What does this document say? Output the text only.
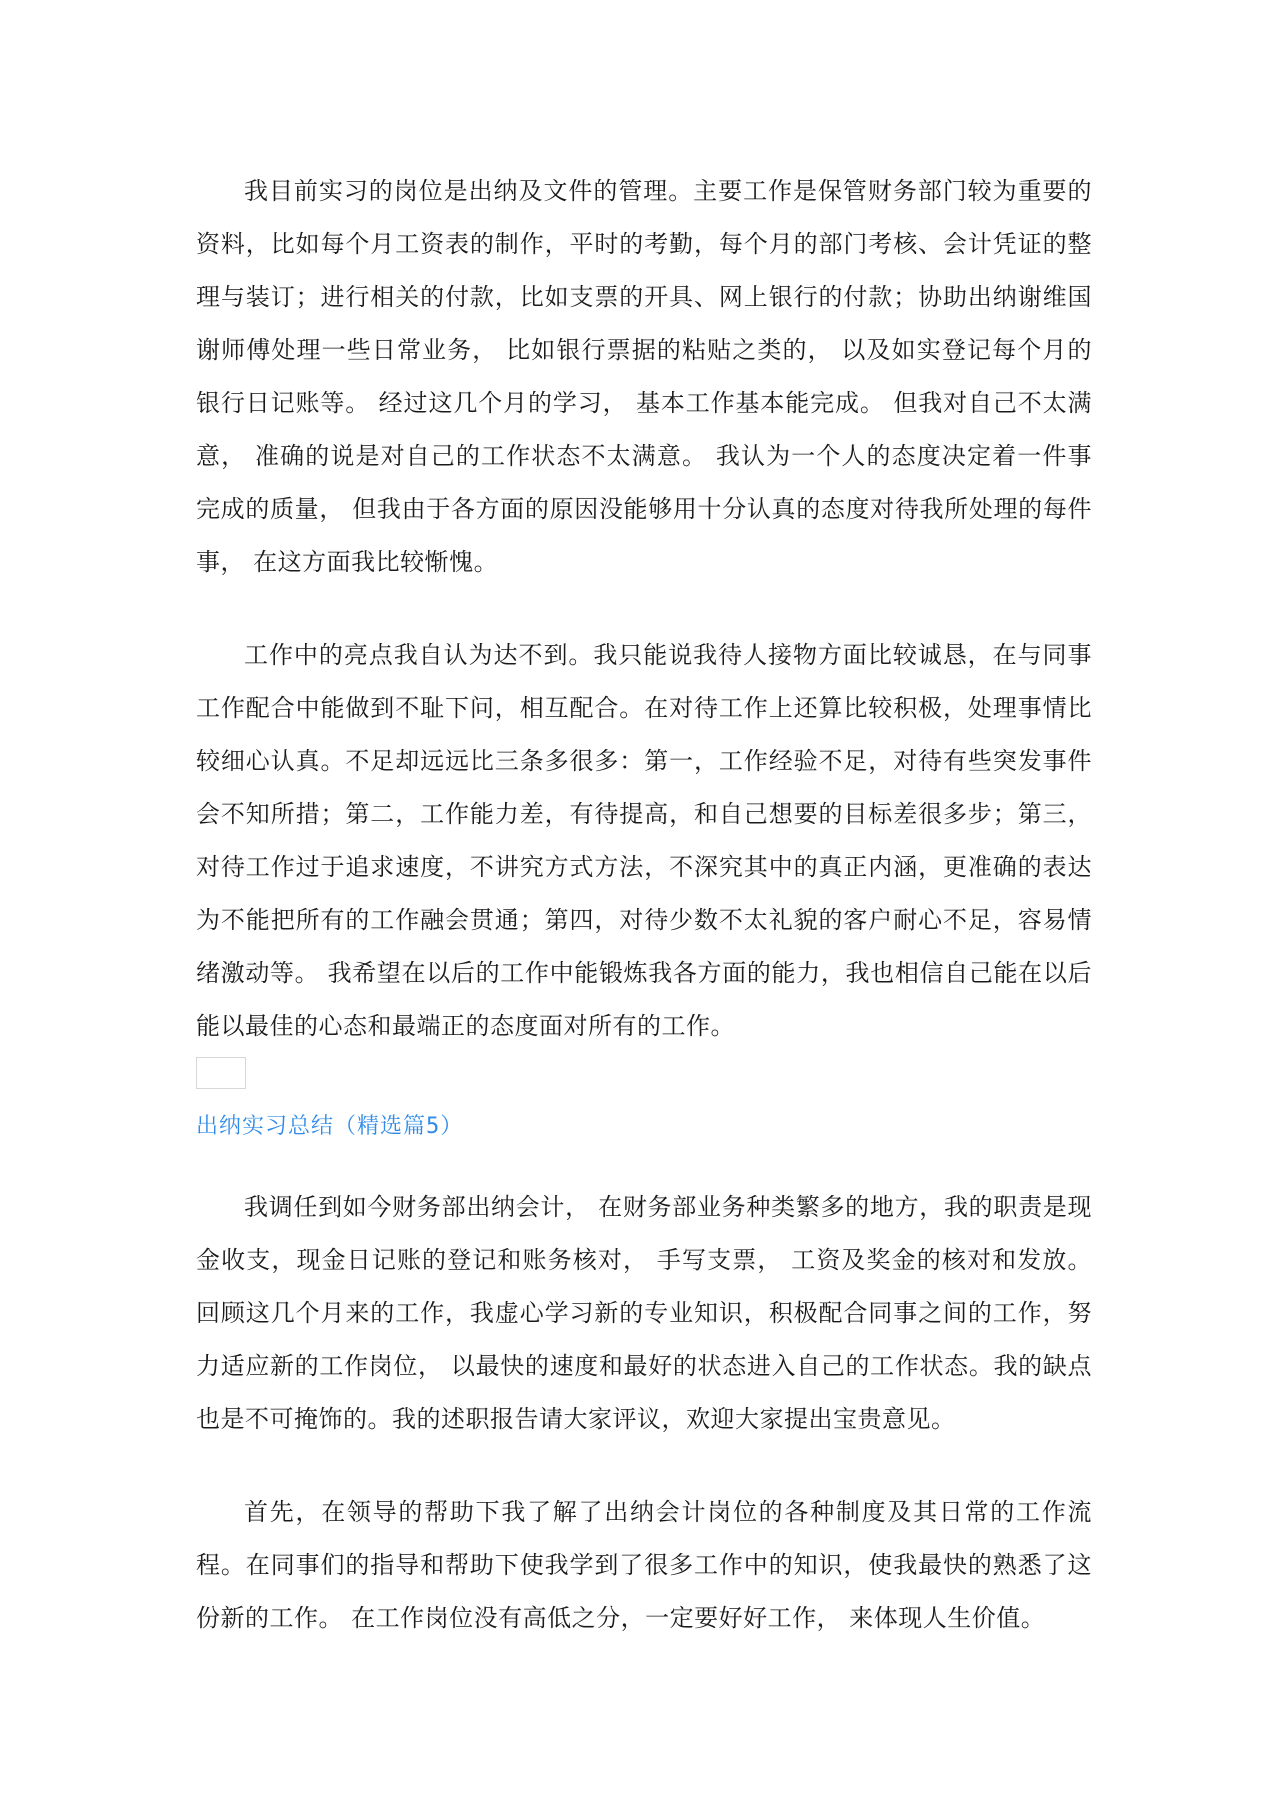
我目前实习的岗位是出纳及文件的管理。主要工作是保管财务部门较为重要的资料，比如每个月工资表的制作，平时的考勤，每个月的部门考核、会计凭证的整理与装订；进行相关的付款，比如支票的开具、网上银行的付款；协助出纳谢维国谢师傅处理一些日常业务， 比如银行票据的粘贴之类的， 以及如实登记每个月的银行日记账等。 经过这几个月的学习， 基本工作基本能完成。 但我对自己不太满意， 准确的说是对自己的工作状态不太满意。 我认为一个人的态度决定着一件事完成的质量， 但我由于各方面的原因没能够用十分认真的态度对待我所处理的每件事， 在这方面我比较惭愧。

工作中的亮点我自认为达不到。我只能说我待人接物方面比较诚恳，在与同事工作配合中能做到不耻下问，相互配合。在对待工作上还算比较积极，处理事情比较细心认真。不足却远远比三条多很多：第一，工作经验不足，对待有些突发事件会不知所措；第二，工作能力差，有待提高，和自己想要的目标差很多步；第三，对待工作过于追求速度，不讲究方式方法，不深究其中的真正内涵，更准确的表达为不能把所有的工作融会贯通；第四，对待少数不太礼貌的客户耐心不足，容易情绪激动等。 我希望在以后的工作中能锻炼我各方面的能力，我也相信自己能在以后能以最佳的心态和最端正的态度面对所有的工作。

出纳实习总结（精选篇5）

我调任到如今财务部出纳会计， 在财务部业务种类繁多的地方，我的职责是现金收支，现金日记账的登记和账务核对， 手写支票， 工资及奖金的核对和发放。回顾这几个月来的工作，我虚心学习新的专业知识，积极配合同事之间的工作，努力适应新的工作岗位， 以最快的速度和最好的状态进入自己的工作状态。我的缺点也是不可掩饰的。我的述职报告请大家评议，欢迎大家提出宝贵意见。

首先，在领导的帮助下我了解了出纳会计岗位的各种制度及其日常的工作流程。在同事们的指导和帮助下使我学到了很多工作中的知识，使我最快的熟悉了这份新的工作。 在工作岗位没有高低之分，一定要好好工作， 来体现人生价值。
